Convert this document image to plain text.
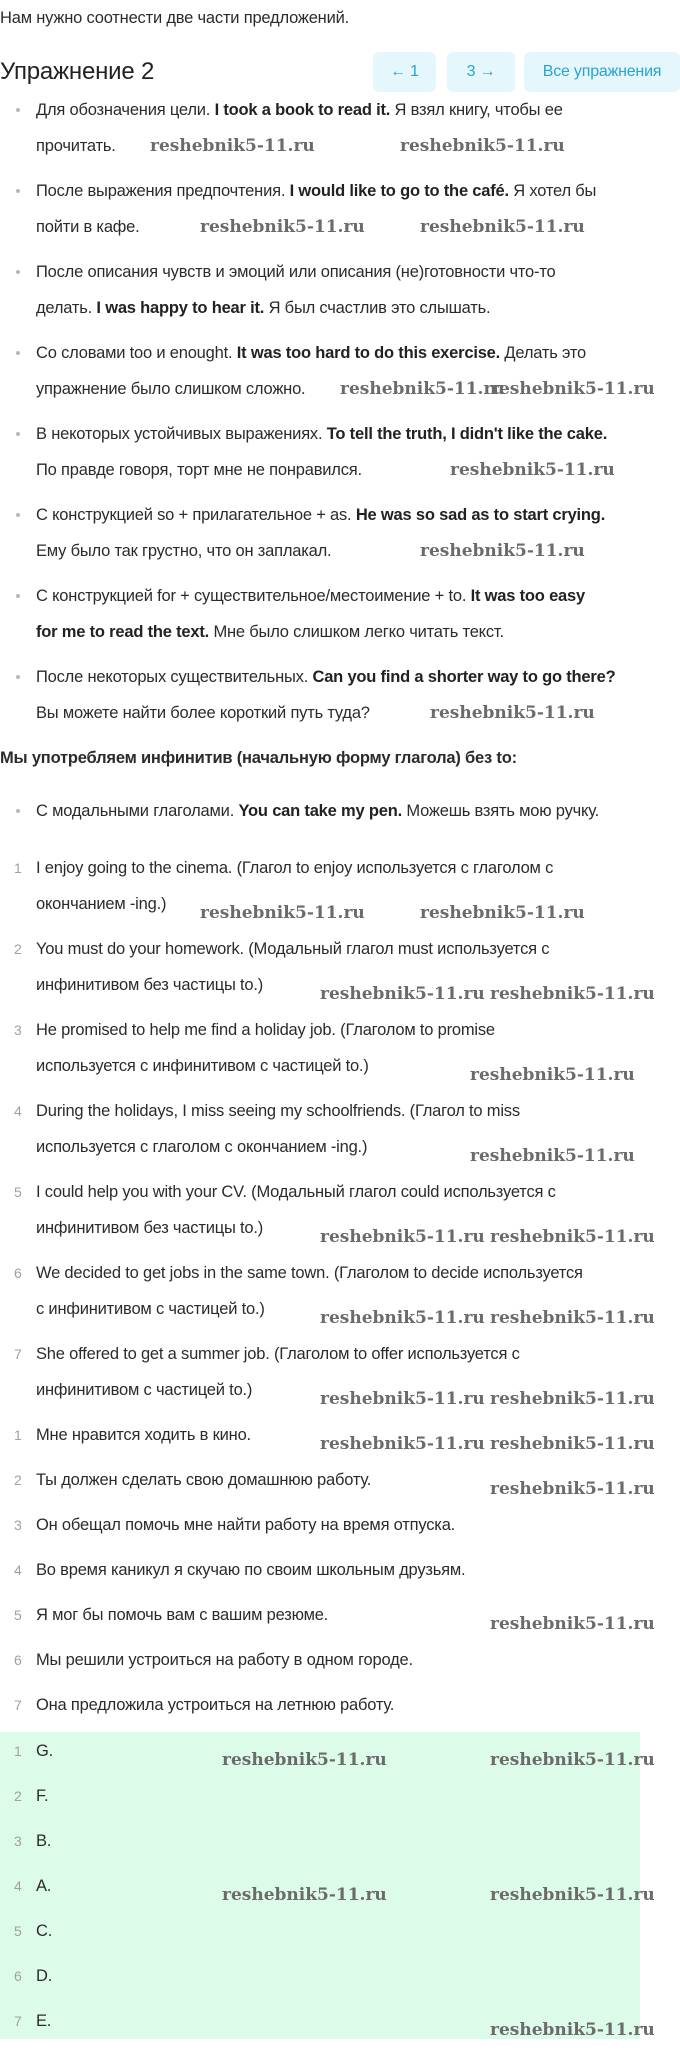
Нам нужно соотнести две части предложений.
Упражнение 2	← 1	3 →	Все упражнения
Для обозначения цели. I took a book to read it. Я взял книгу, чтобы ее
прочитать.
После выражения предпочтения. I would like to go to the café. Я хотел бы
пойти в кафе.
После описания чувств и эмоций или описания (не)готовности что-то
делать. I was happy to hear it. Я был счастлив это слышать.
Со словами too и enought. It was too hard to do this exercise. Делать это
упражнение было слишком сложно.
В некоторых устойчивых выражениях. To tell the truth, I didn't like the cake.
По правде говоря, торт мне не понравился.
С конструкцией so + прилагательное + as. He was so sad as to start crying.
Ему было так грустно, что он заплакал.
С конструкцией for + существительное/местоимение + to. It was too easy
for me to read the text. Мне было слишком легко читать текст.
После некоторых существительных. Can you find a shorter way to go there?
Вы можете найти более короткий путь туда?
Мы употребляем инфинитив (начальную форму глагола) без to:
С модальными глаголами. You can take my pen. Можешь взять мою ручку.
1 I enjoy going to the cinema. (Глагол to enjoy используется с глаголом с
окончанием -ing.)
2 You must do your homework. (Модальный глагол must используется с
инфинитивом без частицы to.)
3 He promised to help me find a holiday job. (Глаголом to promise
используется с инфинитивом с частицей to.)
4 During the holidays, I miss seeing my schoolfriends. (Глагол to miss
используется с глаголом с окончанием -ing.)
5 I could help you with your CV. (Модальный глагол could используется с
инфинитивом без частицы to.)
6 We decided to get jobs in the same town. (Глаголом to decide используется
с инфинитивом с частицей to.)
7 She offered to get a summer job. (Глаголом to offer используется с
инфинитивом с частицей to.)
1 Мне нравится ходить в кино.
2 Ты должен сделать свою домашнюю работу.
3 Он обещал помочь мне найти работу на время отпуска.
4 Во время каникул я скучаю по своим школьным друзьям.
5 Я мог бы помочь вам с вашим резюме.
6 Мы решили устроиться на работу в одном городе.
7 Она предложила устроиться на летнюю работу.
1 G.
2 F.
3 B.
4 A.
5 C.
6 D.
7 E.
reshebnik5-11.ru	reshebnik5-11.ru
reshebnik5-11.ru	reshebnik5-11.ru
reshebnik5-11.ru
reshebnik5-11.ru
reshebnik5-11.ru
reshebnik5-11.ru
reshebnik5-11.ru
reshebnik5-11.ru	reshebnik5-11.ru
reshebnik5-11.ru reshebnik5-11.ru
reshebnik5-11.ru
reshebnik5-11.ru
reshebnik5-11.ru reshebnik5-11.ru
reshebnik5-11.ru reshebnik5-11.ru
reshebnik5-11.ru reshebnik5-11.ru
reshebnik5-11.ru reshebnik5-11.ru
reshebnik5-11.ru
reshebnik5-11.ru
reshebnik5-11.ru	reshebnik5-11.ru
reshebnik5-11.ru	reshebnik5-11.ru
reshebnik5-11.ru
